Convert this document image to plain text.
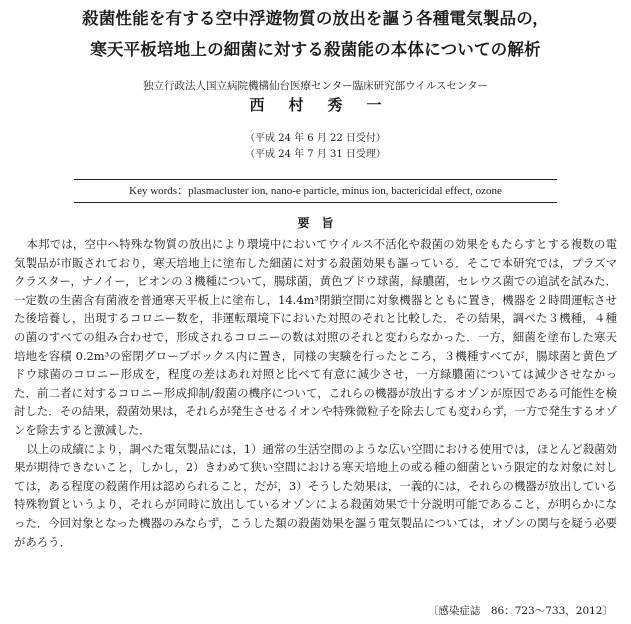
殺菌性能を有する空中浮遊物質の放出を謳う各種電気製品の，
寒天平板培地上の細菌に対する殺菌能の本体についての解析
独立行政法人国立病院機構仙台医療センター臨床研究部ウイルスセンター
西村秀一
（平成 24 年 6 月 22 日受付）
（平成 24 年 7 月 31 日受理）
Key words：plasmacluster ion, nano-e particle, minus ion, bactericidal effect, ozone
要旨

本邦では，空中へ特殊な物質の放出により環境中においてウイルス不活化や殺菌の効果をもたらすとする複数の電気製品が市販されており，寒天培地上に塗布した細菌に対する殺菌効果も謳っている．そこで本研究では，プラズマクラスター，ナノイー，ビオンの３機種について，腸球菌，黄色ブドウ球菌，緑膿菌，セレウス菌での追試を試みた．一定数の生菌含有菌液を普通寒天平板上に塗布し，14.4m³閉鎖空間に対象機器とともに置き，機器を２時間運転させた後培養し，出現するコロニー数を，非運転環境下においた対照のそれと比較した．その結果，調べた３機種，４種の菌のすべての組み合わせで，形成されるコロニーの数は対照のそれと変わらなかった．一方，細菌を塗布した寒天培地を容積 0.2m³の密閉グローブボックス内に置き，同様の実験を行ったところ，３機種すべてが，腸球菌と黄色ブドウ球菌のコロニー形成を，程度の差はあれ対照と比べて有意に減少させ，一方緑膿菌については減少させなかった．前二者に対するコロニー形成抑制/殺菌の機序について，これらの機器が放出するオゾンが原因である可能性を検討した．その結果，殺菌効果は，それらが発生させるイオンや特殊微粒子を除去しても変わらず，一方で発生するオゾンを除去すると激減した．

以上の成績により，調べた電気製品には，1）通常の生活空間のような広い空間における使用では，ほとんど殺菌効果が期待できないこと，しかし，2）きわめて狭い空間における寒天培地上の或る種の細菌という限定的な対象に対しては，ある程度の殺菌作用は認められること，だが，3）そうした効果は，一義的には，それらの機器が放出している特殊物質というより，それらが同時に放出しているオゾンによる殺菌効果で十分説明可能であること，が明らかになった．今回対象となった機器のみならず，こうした類の殺菌効果を謳う電気製品については，オゾンの関与を疑う必要があろう．

〔感染症誌　86：723〜733，2012〕
